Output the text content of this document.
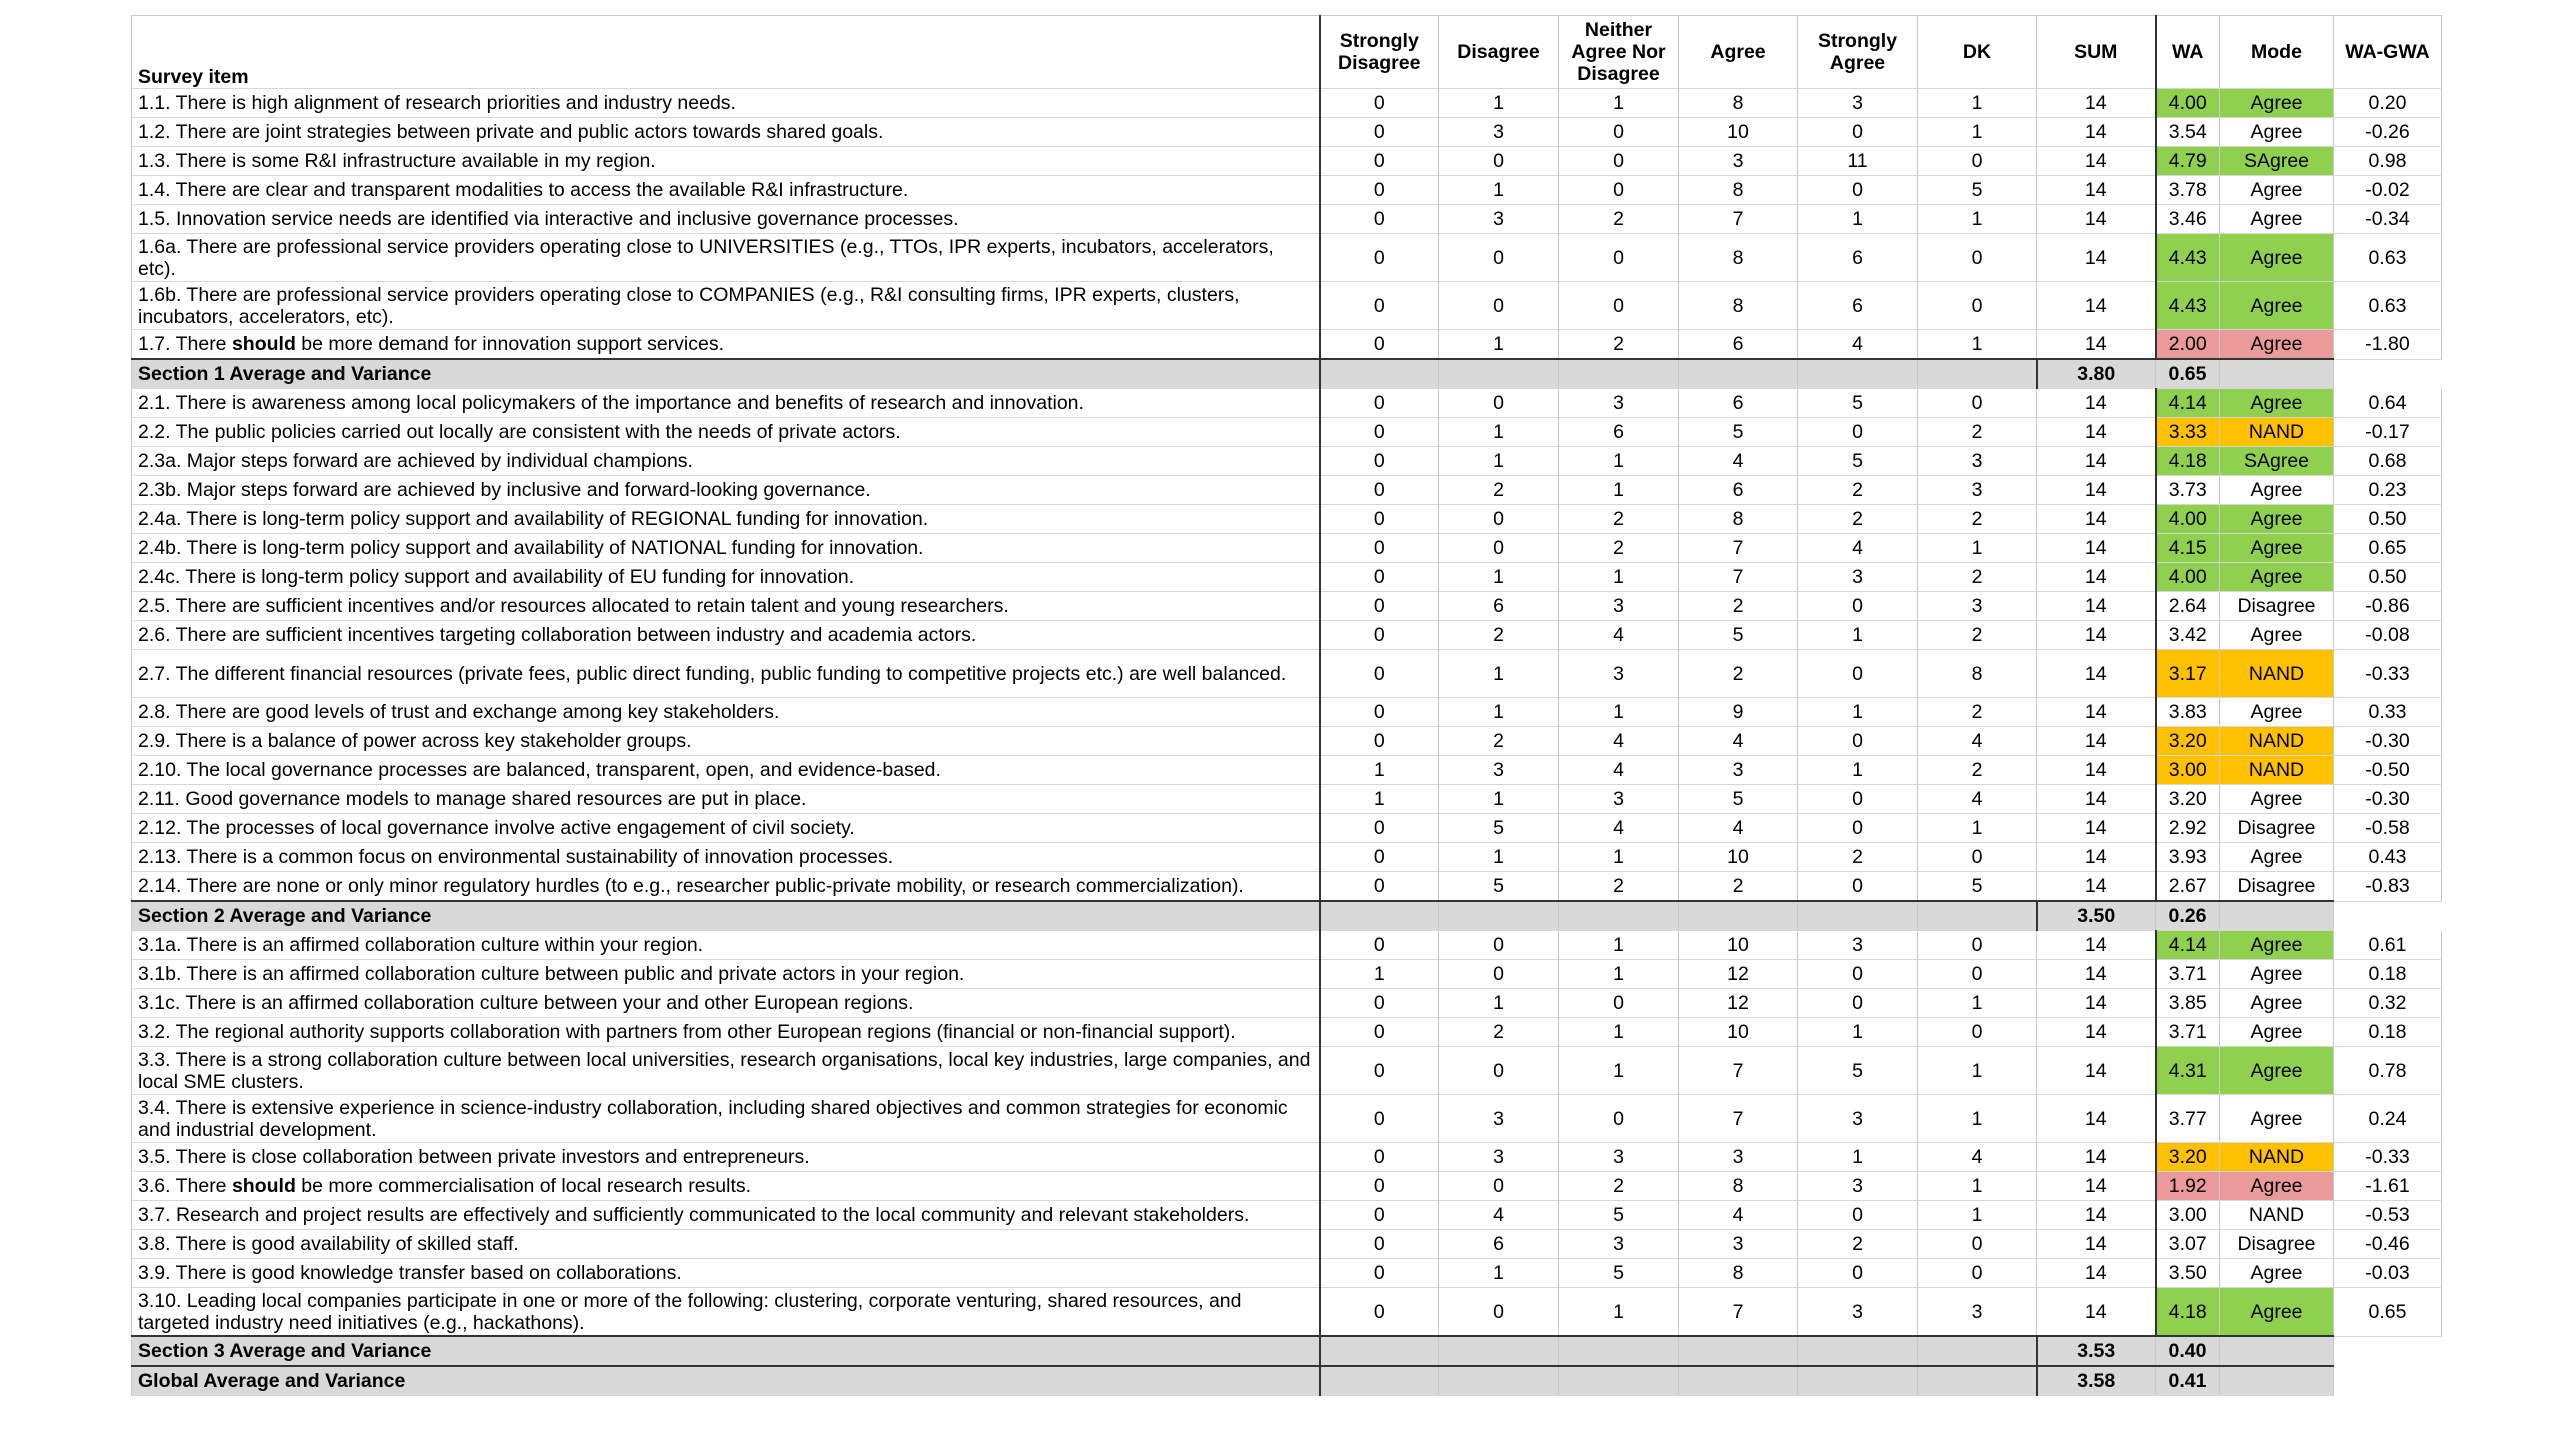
Survey item	Strongly Disagree	Disagree	Neither Agree Nor Disagree	Agree	Strongly Agree	DK	SUM	WA	Mode	WA-GWA
1.1. There is high alignment of research priorities and industry needs.	0	1	1	8	3	1	14	4.00	Agree	0.20
1.2. There are joint strategies between private and public actors towards shared goals.	0	3	0	10	0	1	14	3.54	Agree	-0.26
1.3. There is some R&I infrastructure available in my region.	0	0	0	3	11	0	14	4.79	SAgree	0.98
1.4. There are clear and transparent modalities to access the available R&I infrastructure.	0	1	0	8	0	5	14	3.78	Agree	-0.02
1.5. Innovation service needs are identified via interactive and inclusive governance processes.	0	3	2	7	1	1	14	3.46	Agree	-0.34
1.6a. There are professional service providers operating close to UNIVERSITIES (e.g., TTOs, IPR experts, incubators, accelerators, etc).	0	0	0	8	6	0	14	4.43	Agree	0.63
1.6b. There are professional service providers operating close to COMPANIES (e.g., R&I consulting firms, IPR experts, clusters, incubators, accelerators, etc).	0	0	0	8	6	0	14	4.43	Agree	0.63
1.7. There should be more demand for innovation support services.	0	1	2	6	4	1	14	2.00	Agree	-1.80
Section 1 Average and Variance							3.80	0.65		
2.1. There is awareness among local policymakers of the importance and benefits of research and innovation.	0	0	3	6	5	0	14	4.14	Agree	0.64
2.2. The public policies carried out locally are consistent with the needs of private actors.	0	1	6	5	0	2	14	3.33	NAND	-0.17
2.3a. Major steps forward are achieved by individual champions.	0	1	1	4	5	3	14	4.18	SAgree	0.68
2.3b. Major steps forward are achieved by inclusive and forward-looking governance.	0	2	1	6	2	3	14	3.73	Agree	0.23
2.4a. There is long-term policy support and availability of REGIONAL funding for innovation.	0	0	2	8	2	2	14	4.00	Agree	0.50
2.4b. There is long-term policy support and availability of NATIONAL funding for innovation.	0	0	2	7	4	1	14	4.15	Agree	0.65
2.4c. There is long-term policy support and availability of EU funding for innovation.	0	1	1	7	3	2	14	4.00	Agree	0.50
2.5. There are sufficient incentives and/or resources allocated to retain talent and young researchers.	0	6	3	2	0	3	14	2.64	Disagree	-0.86
2.6. There are sufficient incentives targeting collaboration between industry and academia actors.	0	2	4	5	1	2	14	3.42	Agree	-0.08
2.7. The different financial resources (private fees, public direct funding, public funding to competitive projects etc.) are well balanced.	0	1	3	2	0	8	14	3.17	NAND	-0.33
2.8. There are good levels of trust and exchange among key stakeholders.	0	1	1	9	1	2	14	3.83	Agree	0.33
2.9. There is a balance of power across key stakeholder groups.	0	2	4	4	0	4	14	3.20	NAND	-0.30
2.10. The local governance processes are balanced, transparent, open, and evidence-based.	1	3	4	3	1	2	14	3.00	NAND	-0.50
2.11. Good governance models to manage shared resources are put in place.	1	1	3	5	0	4	14	3.20	Agree	-0.30
2.12. The processes of local governance involve active engagement of civil society.	0	5	4	4	0	1	14	2.92	Disagree	-0.58
2.13. There is a common focus on environmental sustainability of innovation processes.	0	1	1	10	2	0	14	3.93	Agree	0.43
2.14. There are none or only minor regulatory hurdles (to e.g., researcher public-private mobility, or research commercialization).	0	5	2	2	0	5	14	2.67	Disagree	-0.83
Section 2 Average and Variance							3.50	0.26		
3.1a. There is an affirmed collaboration culture within your region.	0	0	1	10	3	0	14	4.14	Agree	0.61
3.1b. There is an affirmed collaboration culture between public and private actors in your region.	1	0	1	12	0	0	14	3.71	Agree	0.18
3.1c. There is an affirmed collaboration culture between your and other European regions.	0	1	0	12	0	1	14	3.85	Agree	0.32
3.2. The regional authority supports collaboration with partners from other European regions (financial or non-financial support).	0	2	1	10	1	0	14	3.71	Agree	0.18
3.3. There is a strong collaboration culture between local universities, research organisations, local key industries, large companies, and local SME clusters.	0	0	1	7	5	1	14	4.31	Agree	0.78
3.4. There is extensive experience in science-industry collaboration, including shared objectives and common strategies for economic and industrial development.	0	3	0	7	3	1	14	3.77	Agree	0.24
3.5. There is close collaboration between private investors and entrepreneurs.	0	3	3	3	1	4	14	3.20	NAND	-0.33
3.6. There should be more commercialisation of local research results.	0	0	2	8	3	1	14	1.92	Agree	-1.61
3.7. Research and project results are effectively and sufficiently communicated to the local community and relevant stakeholders.	0	4	5	4	0	1	14	3.00	NAND	-0.53
3.8. There is good availability of skilled staff.	0	6	3	3	2	0	14	3.07	Disagree	-0.46
3.9. There is good knowledge transfer based on collaborations.	0	1	5	8	0	0	14	3.50	Agree	-0.03
3.10. Leading local companies participate in one or more of the following: clustering, corporate venturing, shared resources, and targeted industry need initiatives (e.g., hackathons).	0	0	1	7	3	3	14	4.18	Agree	0.65
Section 3 Average and Variance							3.53	0.40		
Global Average and Variance							3.58	0.41		
